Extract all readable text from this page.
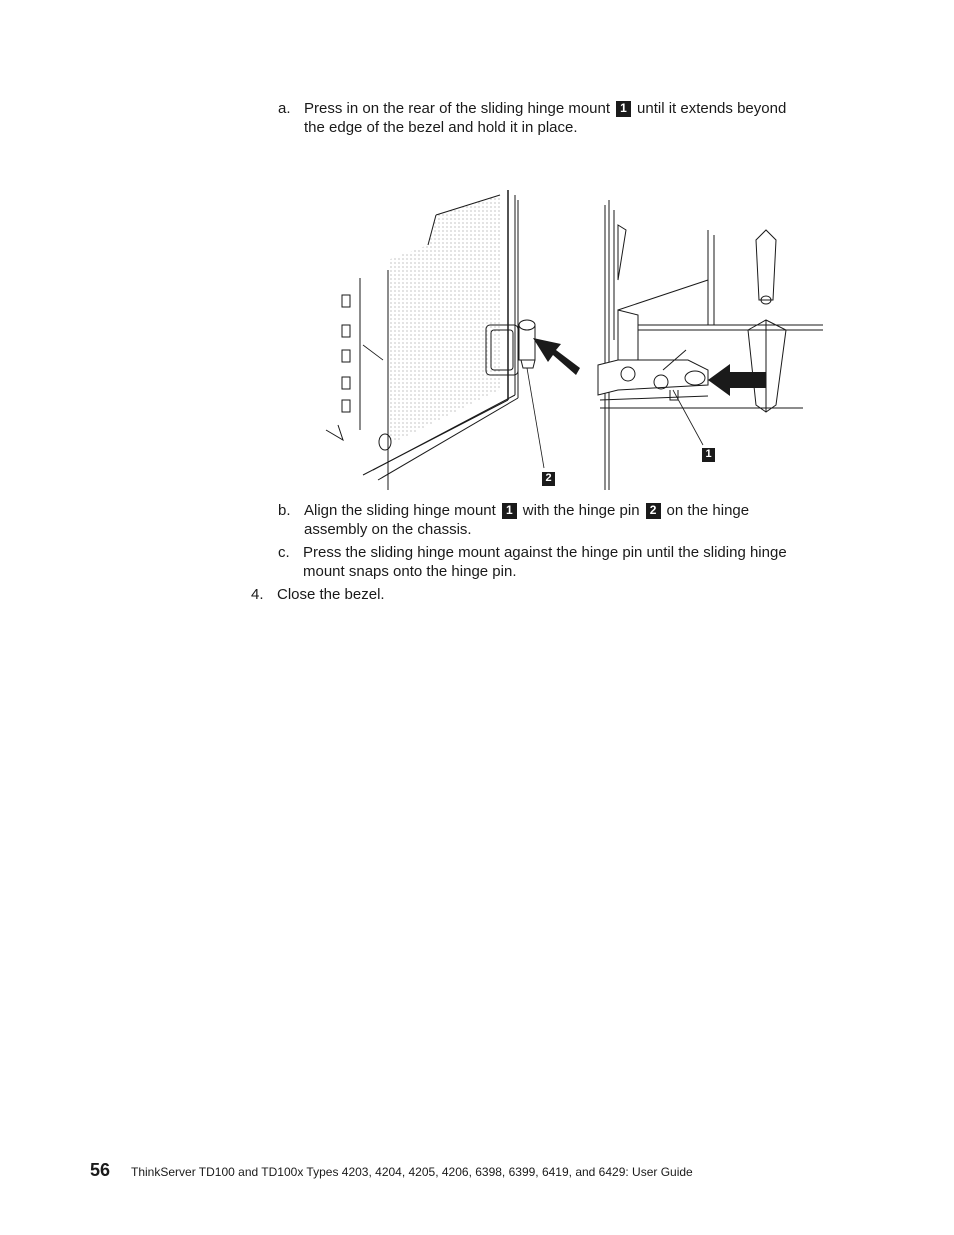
a. Press in on the rear of the sliding hinge mount 1 until it extends beyond
the edge of the bezel and hold it in place.
1
2
b. Align the sliding hinge mount 1 with the hinge pin 2 on the hinge
assembly on the chassis.
c. Press the sliding hinge mount against the hinge pin until the sliding hinge
mount snaps onto the hinge pin.
4. Close the bezel.
56 ThinkServer TD100 and TD100x Types 4203, 4204, 4205, 4206, 6398, 6399, 6419, and 6429: User Guide
